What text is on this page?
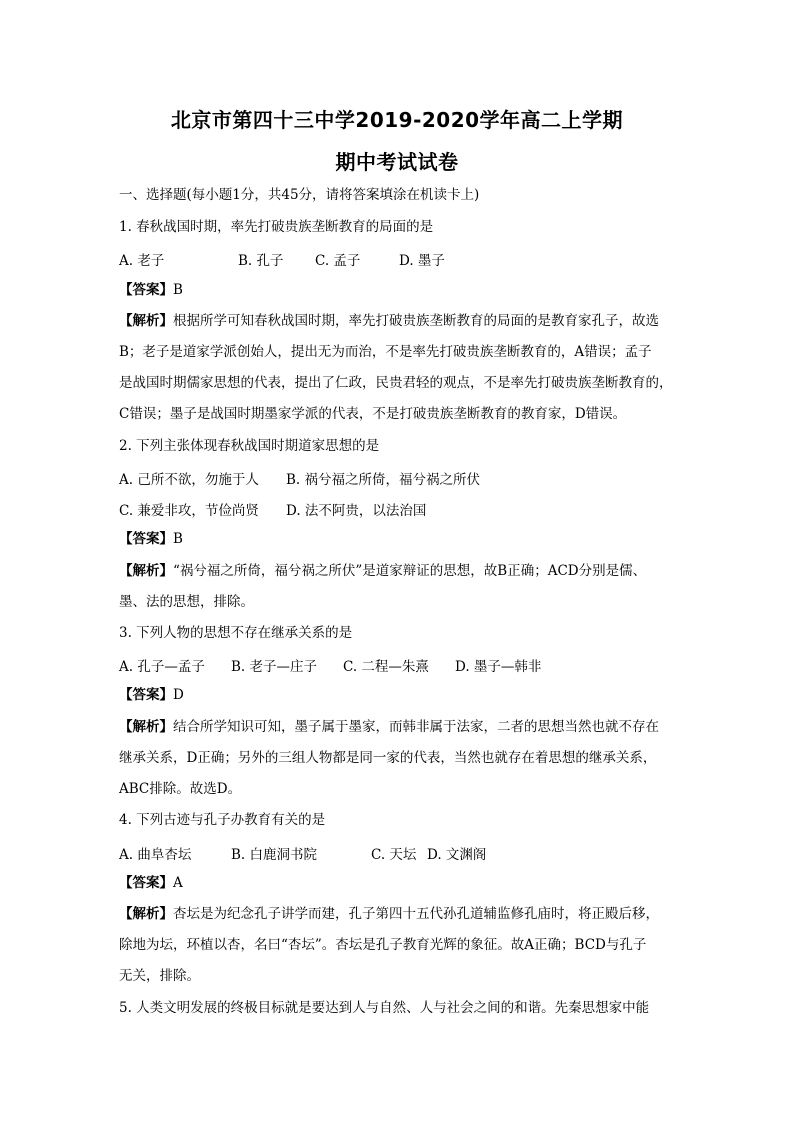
北京市第四十三中学2019-2020学年高二上学期
期中考试试卷
一、选择题(每小题1分，共45分，请将答案填涂在机读卡上)
1. 春秋战国时期，率先打破贵族垄断教育的局面的是
A. 老子	B. 孔子 C. 孟子	D. 墨子
【答案】B
【解析】根据所学可知春秋战国时期，率先打破贵族垄断教育的局面的是教育家孔子，故选
B；老子是道家学派创始人，提出无为而治，不是率先打破贵族垄断教育的，A错误；孟子
是战国时期儒家思想的代表，提出了仁政，民贵君轻的观点，不是率先打破贵族垄断教育的，
C错误；墨子是战国时期墨家学派的代表，不是打破贵族垄断教育的教育家，D错误。
2. 下列主张体现春秋战国时期道家思想的是
A. 己所不欲，勿施于人 B. 祸兮福之所倚，福兮祸之所伏
C. 兼爱非攻，节俭尚贤 D. 法不阿贵，以法治国
【答案】B
【解析】“祸兮福之所倚，福兮祸之所伏”是道家辩证的思想，故B正确；ACD分别是儒、
墨、法的思想，排除。
3. 下列人物的思想不存在继承关系的是
A. 孔子—孟子 B. 老子—庄子 C. 二程—朱熹 D. 墨子—韩非
【答案】D
【解析】结合所学知识可知，墨子属于墨家，而韩非属于法家，二者的思想当然也就不存在
继承关系，D正确；另外的三组人物都是同一家的代表，当然也就存在着思想的继承关系，
ABC排除。故选D。
4. 下列古迹与孔子办教育有关的是
A. 曲阜杏坛	B. 白鹿洞书院	C. 天坛 D. 文渊阁
【答案】A
【解析】杏坛是为纪念孔子讲学而建，孔子第四十五代孙孔道辅监修孔庙时，将正殿后移，
除地为坛，环植以杏，名曰“杏坛”。杏坛是孔子教育光辉的象征。故A正确；BCD与孔子
无关，排除。
5. 人类文明发展的终极目标就是要达到人与自然、人与社会之间的和谐。先秦思想家中能
